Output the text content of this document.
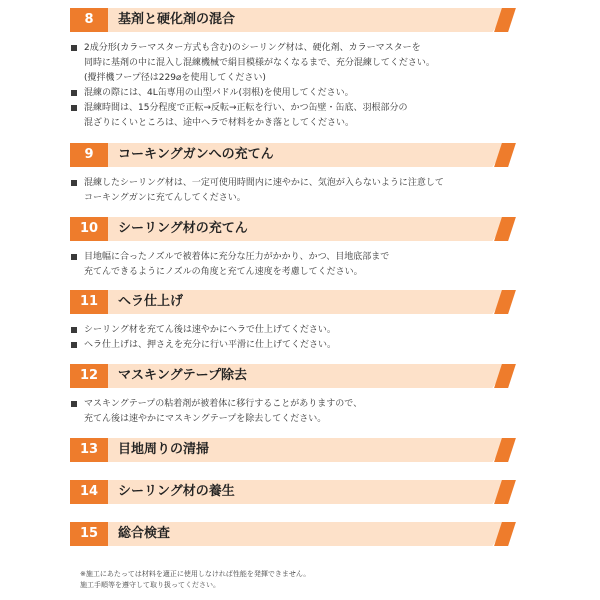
8	基剤と硬化剤の混合
2成分形(カラーマスター方式も含む)のシーリング材は、硬化剤、カラーマスターを
同時に基剤の中に混入し混練機械で絹目模様がなくなるまで、充分混練してください。
(攪拌機フープ径は229⌀を使用してください)
混練の際には、4L缶専用の山型パドル(羽根)を使用してください。
混練時間は、15分程度で正転→反転→正転を行い、かつ缶壁・缶底、羽根部分の
混ざりにくいところは、途中ヘラで材料をかき落としてください。
9	コーキングガンへの充てん
混練したシーリング材は、一定可使用時間内に速やかに、気泡が入らないように注意して
コーキングガンに充てんしてください。
10	シーリング材の充てん
目地幅に合ったノズルで被着体に充分な圧力がかかり、かつ、目地底部まで
充てんできるようにノズルの角度と充てん速度を考慮してください。
11	ヘラ仕上げ
シーリング材を充てん後は速やかにヘラで仕上げてください。
ヘラ仕上げは、押さえを充分に行い平滑に仕上げてください。
12	マスキングテープ除去
マスキングテープの粘着剤が被着体に移行することがありますので、
充てん後は速やかにマスキングテープを除去してください。
13	目地周りの清掃
14	シーリング材の養生
15	総合検査
※施工にあたっては材料を適正に使用しなければ性能を発揮できません。
施工手順等を遵守して取り扱ってください。
